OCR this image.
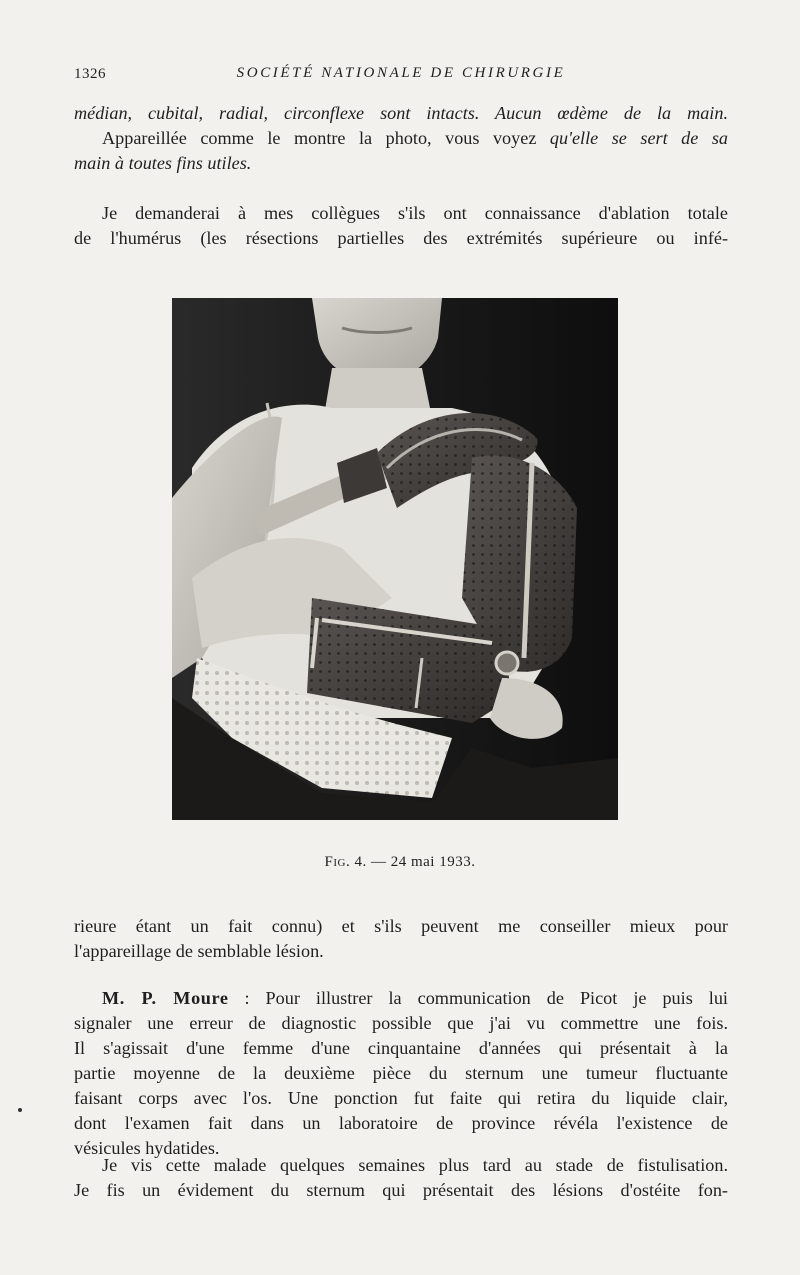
1326	SOCIÉTÉ NATIONALE DE CHIRURGIE
médian, cubital, radial, circonflexe sont intacts. Aucun œdème de la main.
Appareillée comme le montre la photo, vous voyez qu'elle se sert de sa
main à toutes fins utiles.
Je demanderai à mes collègues s'ils ont connaissance d'ablation totale
de l'humérus (les résections partielles des extrémités supérieure ou infé-
Fig. 4. — 24 mai 1933.
rieure étant un fait connu) et s'ils peuvent me conseiller mieux pour
l'appareillage de semblable lésion.
M. P. Moure : Pour illustrer la communication de Picot je puis lui
signaler une erreur de diagnostic possible que j'ai vu commettre une fois.
Il s'agissait d'une femme d'une cinquantaine d'années qui présentait à la
partie moyenne de la deuxième pièce du sternum une tumeur fluctuante
faisant corps avec l'os. Une ponction fut faite qui retira du liquide clair,
dont l'examen fait dans un laboratoire de province révéla l'existence de
vésicules hydatides.
Je vis cette malade quelques semaines plus tard au stade de fistulisation.
Je fis un évidement du sternum qui présentait des lésions d'ostéite fon-
